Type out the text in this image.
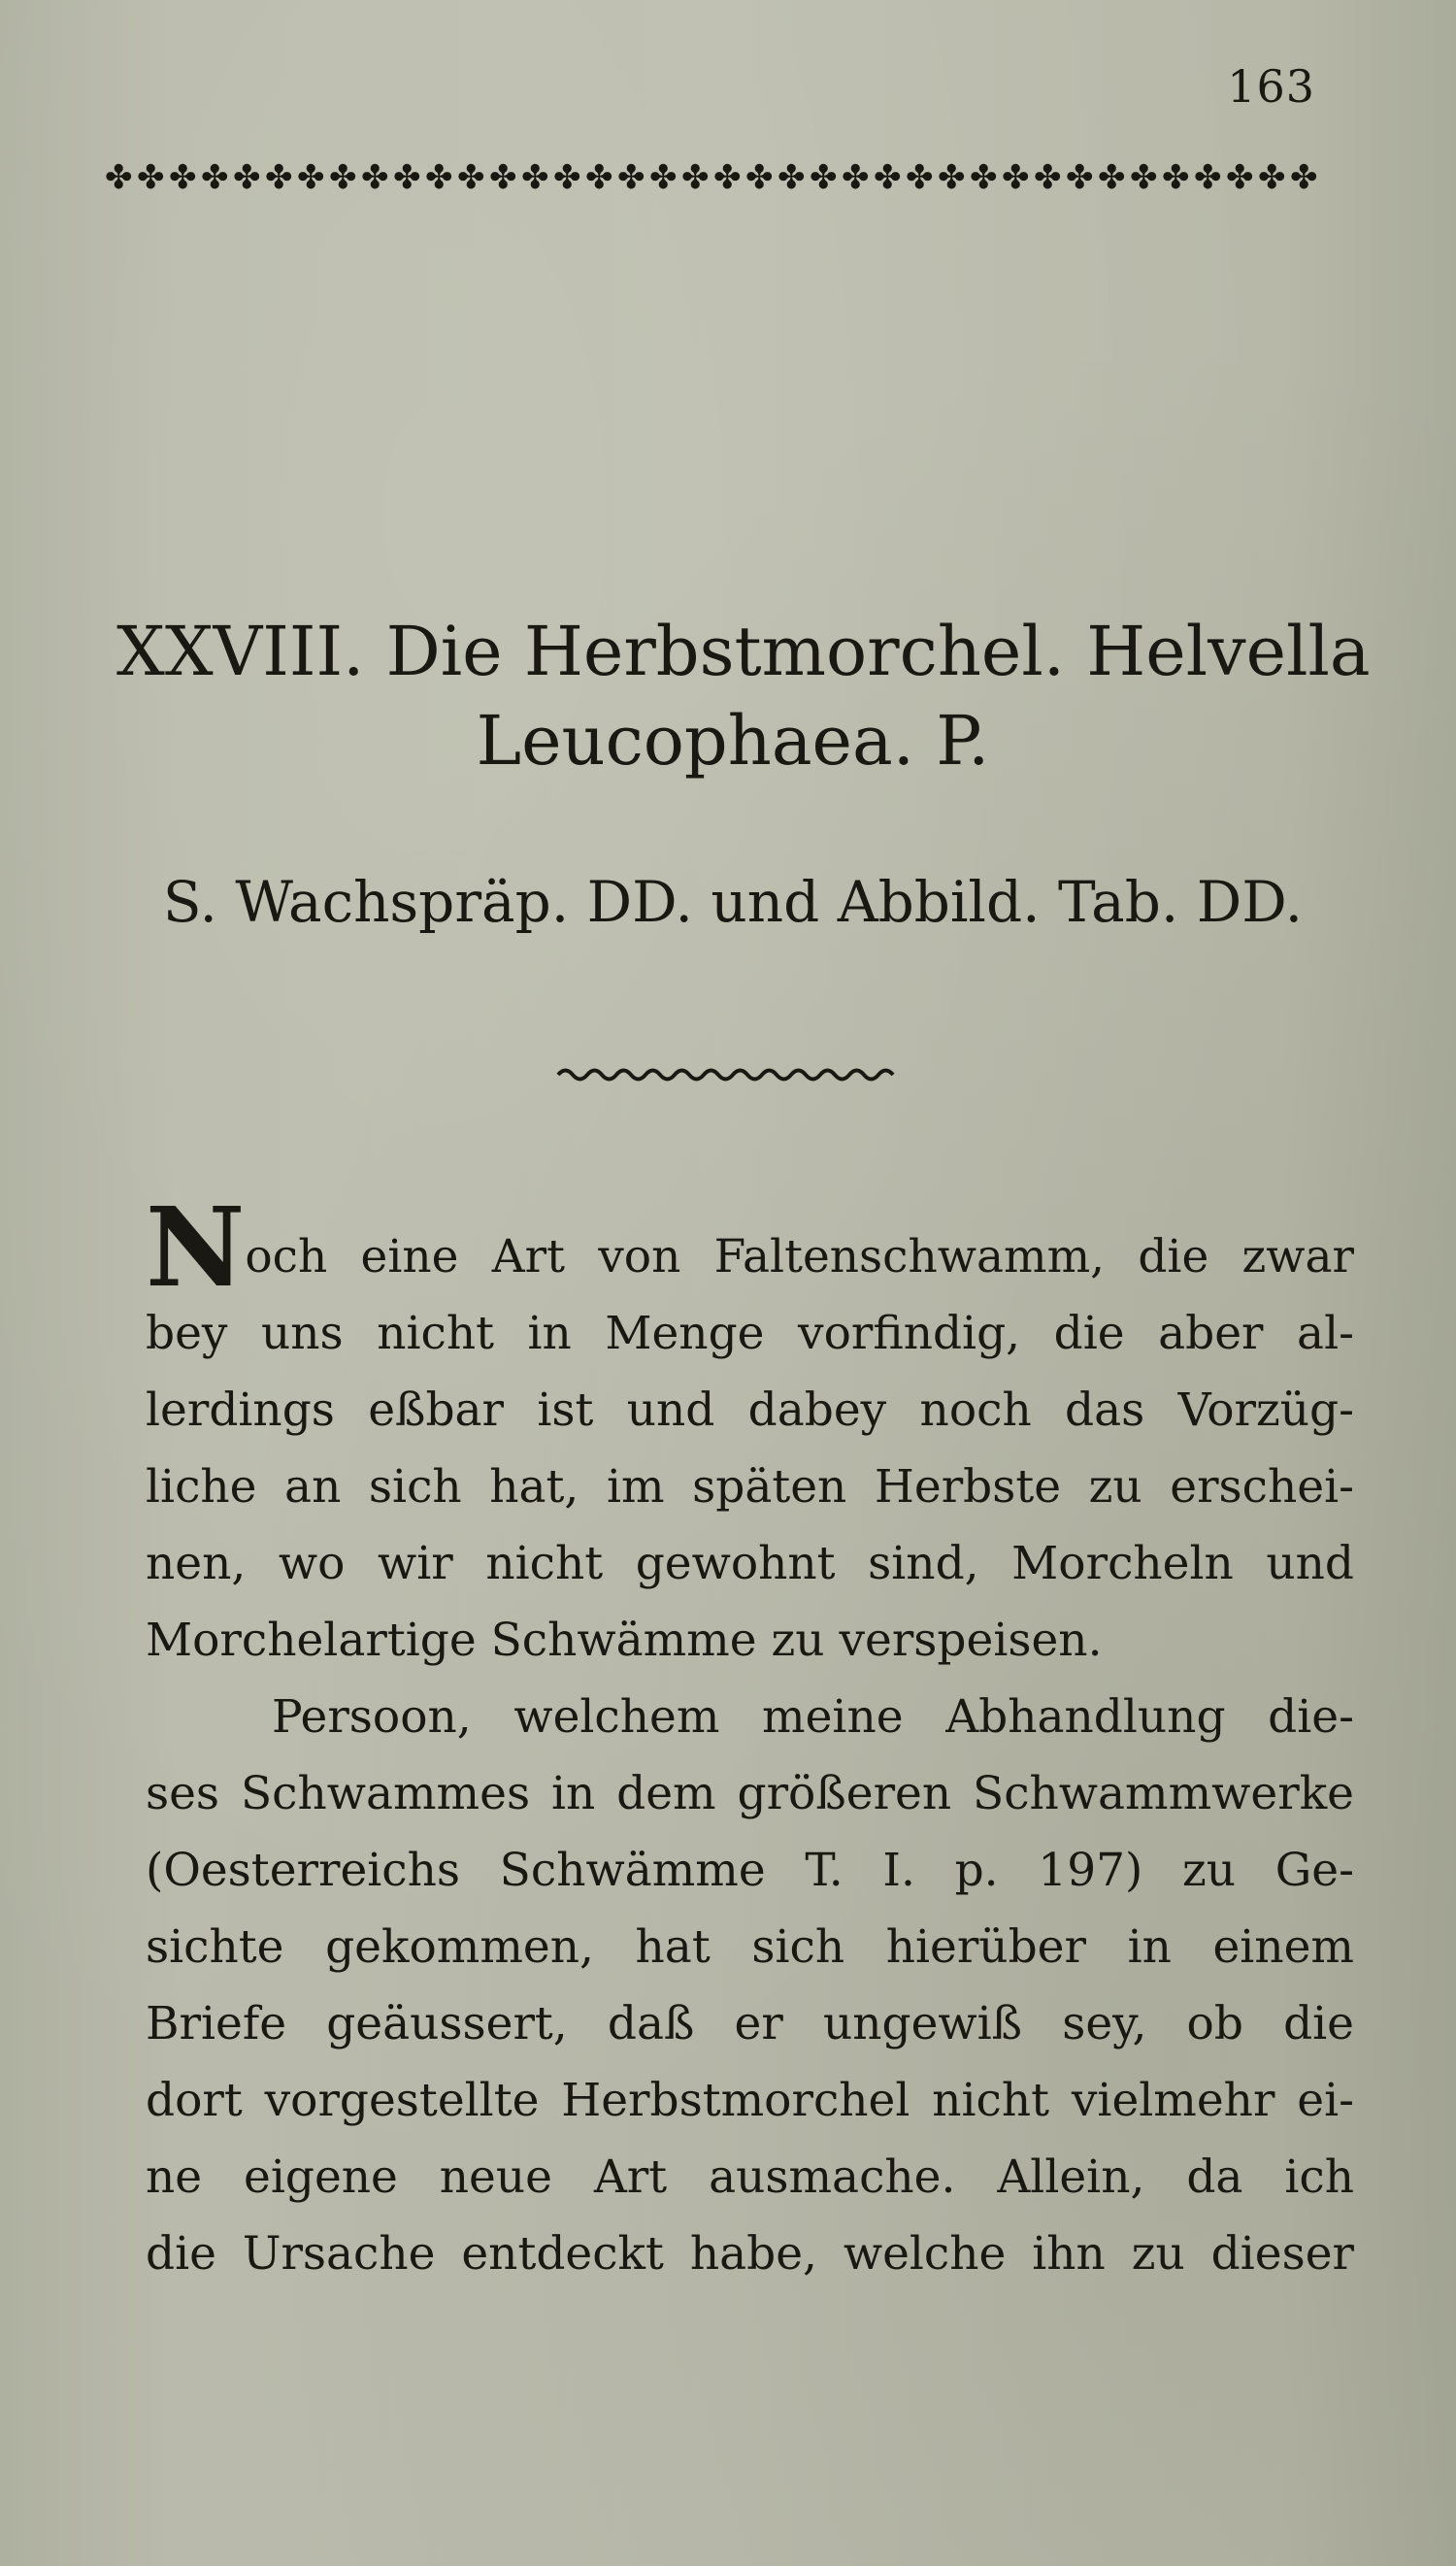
163
✤ ✤ ✤ ✤ ✤ ✤ ✤ ✤ ✤ ✤ ✤ ✤ ✤ ✤ ✤ ✤ ✤ ✤ ✤ ✤ ✤ ✤ ✤ ✤ ✤ ✤ ✤ ✤ ✤ ✤ ✤ ✤ ✤ ✤ ✤ ✤ ✤ ✤
XXVIII. Die Herbstmorchel. Helvella
Leucophaea. P.
S. Wachspräp. DD. und Abbild. Tab. DD.
Noch eine Art von Faltenschwamm, die zwar
bey uns nicht in Menge vorfindig, die aber al-
lerdings eßbar ist und dabey noch das Vorzüg-
liche an sich hat, im späten Herbste zu erschei-
nen, wo wir nicht gewohnt sind, Morcheln und
Morchelartige Schwämme zu verspeisen.
Persoon, welchem meine Abhandlung die-
ses Schwammes in dem größeren Schwammwerke
(Oesterreichs Schwämme T. I. p. 197) zu Ge-
sichte gekommen, hat sich hierüber in einem
Briefe geäussert, daß er ungewiß sey, ob die
dort vorgestellte Herbstmorchel nicht vielmehr ei-
ne eigene neue Art ausmache. Allein, da ich
die Ursache entdeckt habe, welche ihn zu dieser
